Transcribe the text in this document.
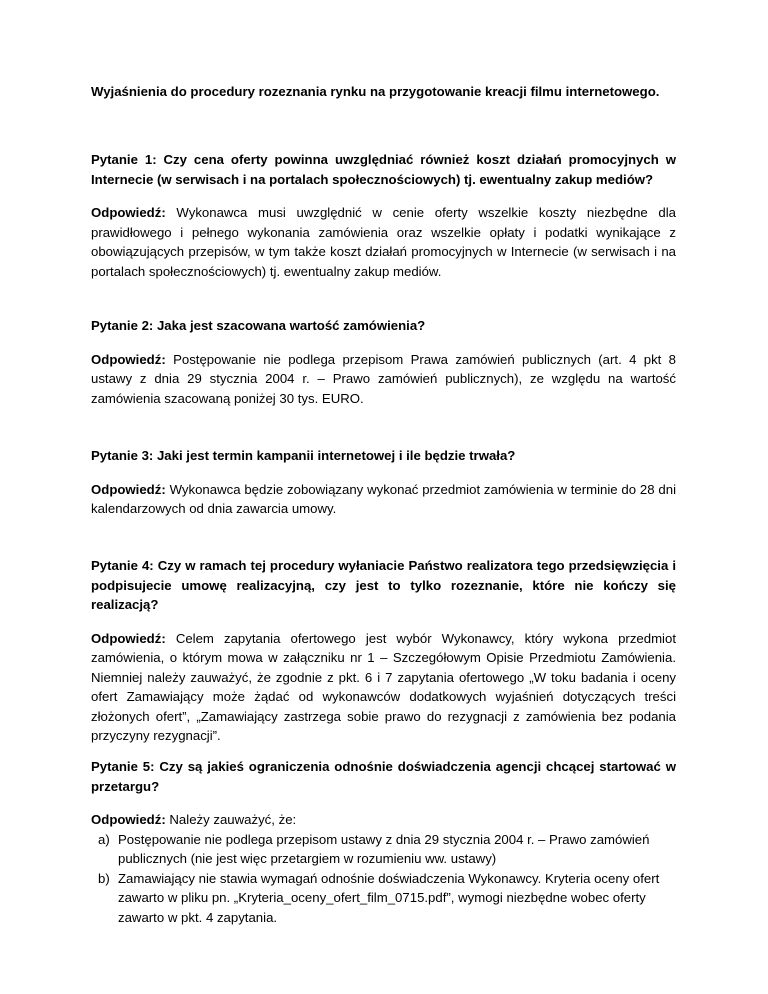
Wyjaśnienia do procedury rozeznania rynku na przygotowanie kreacji filmu internetowego.
Pytanie 1: Czy cena oferty powinna uwzględniać również koszt działań promocyjnych w Internecie (w serwisach i na portalach społecznościowych) tj. ewentualny zakup mediów?
Odpowiedź: Wykonawca musi uwzględnić w cenie oferty wszelkie koszty niezbędne dla prawidłowego i pełnego wykonania zamówienia oraz wszelkie opłaty i podatki wynikające z obowiązujących przepisów, w tym także koszt działań promocyjnych w Internecie (w serwisach i na portalach społecznościowych) tj. ewentualny zakup mediów.
Pytanie 2: Jaka jest szacowana wartość zamówienia?
Odpowiedź: Postępowanie nie podlega przepisom Prawa zamówień publicznych (art. 4 pkt 8 ustawy z dnia 29 stycznia 2004 r. – Prawo zamówień publicznych), ze względu na wartość zamówienia szacowaną poniżej 30 tys. EURO.
Pytanie 3: Jaki jest termin kampanii internetowej i ile będzie trwała?
Odpowiedź: Wykonawca będzie zobowiązany wykonać przedmiot zamówienia w terminie do 28 dni kalendarzowych od dnia zawarcia umowy.
Pytanie 4: Czy w ramach tej procedury wyłaniacie Państwo realizatora tego przedsięwzięcia i podpisujecie umowę realizacyjną, czy jest to tylko rozeznanie, które nie kończy się realizacją?
Odpowiedź: Celem zapytania ofertowego jest wybór Wykonawcy, który wykona przedmiot zamówienia, o którym mowa w załączniku nr 1 – Szczegółowym Opisie Przedmiotu Zamówienia. Niemniej należy zauważyć, że zgodnie z pkt. 6 i 7 zapytania ofertowego „W toku badania i oceny ofert Zamawiający może żądać od wykonawców dodatkowych wyjaśnień dotyczących treści złożonych ofert”, „Zamawiający zastrzega sobie prawo do rezygnacji z zamówienia bez podania przyczyny rezygnacji”.
Pytanie 5: Czy są jakieś ograniczenia odnośnie doświadczenia agencji chcącej startować w przetargu?
Odpowiedź: Należy zauważyć, że:
a) Postępowanie nie podlega przepisom ustawy z dnia 29 stycznia 2004 r. – Prawo zamówień publicznych (nie jest więc przetargiem w rozumieniu ww. ustawy)
b) Zamawiający nie stawia wymagań odnośnie doświadczenia Wykonawcy. Kryteria oceny ofert zawarto w pliku pn. „Kryteria_oceny_ofert_film_0715.pdf”, wymogi niezbędne wobec oferty zawarto w pkt. 4 zapytania.
